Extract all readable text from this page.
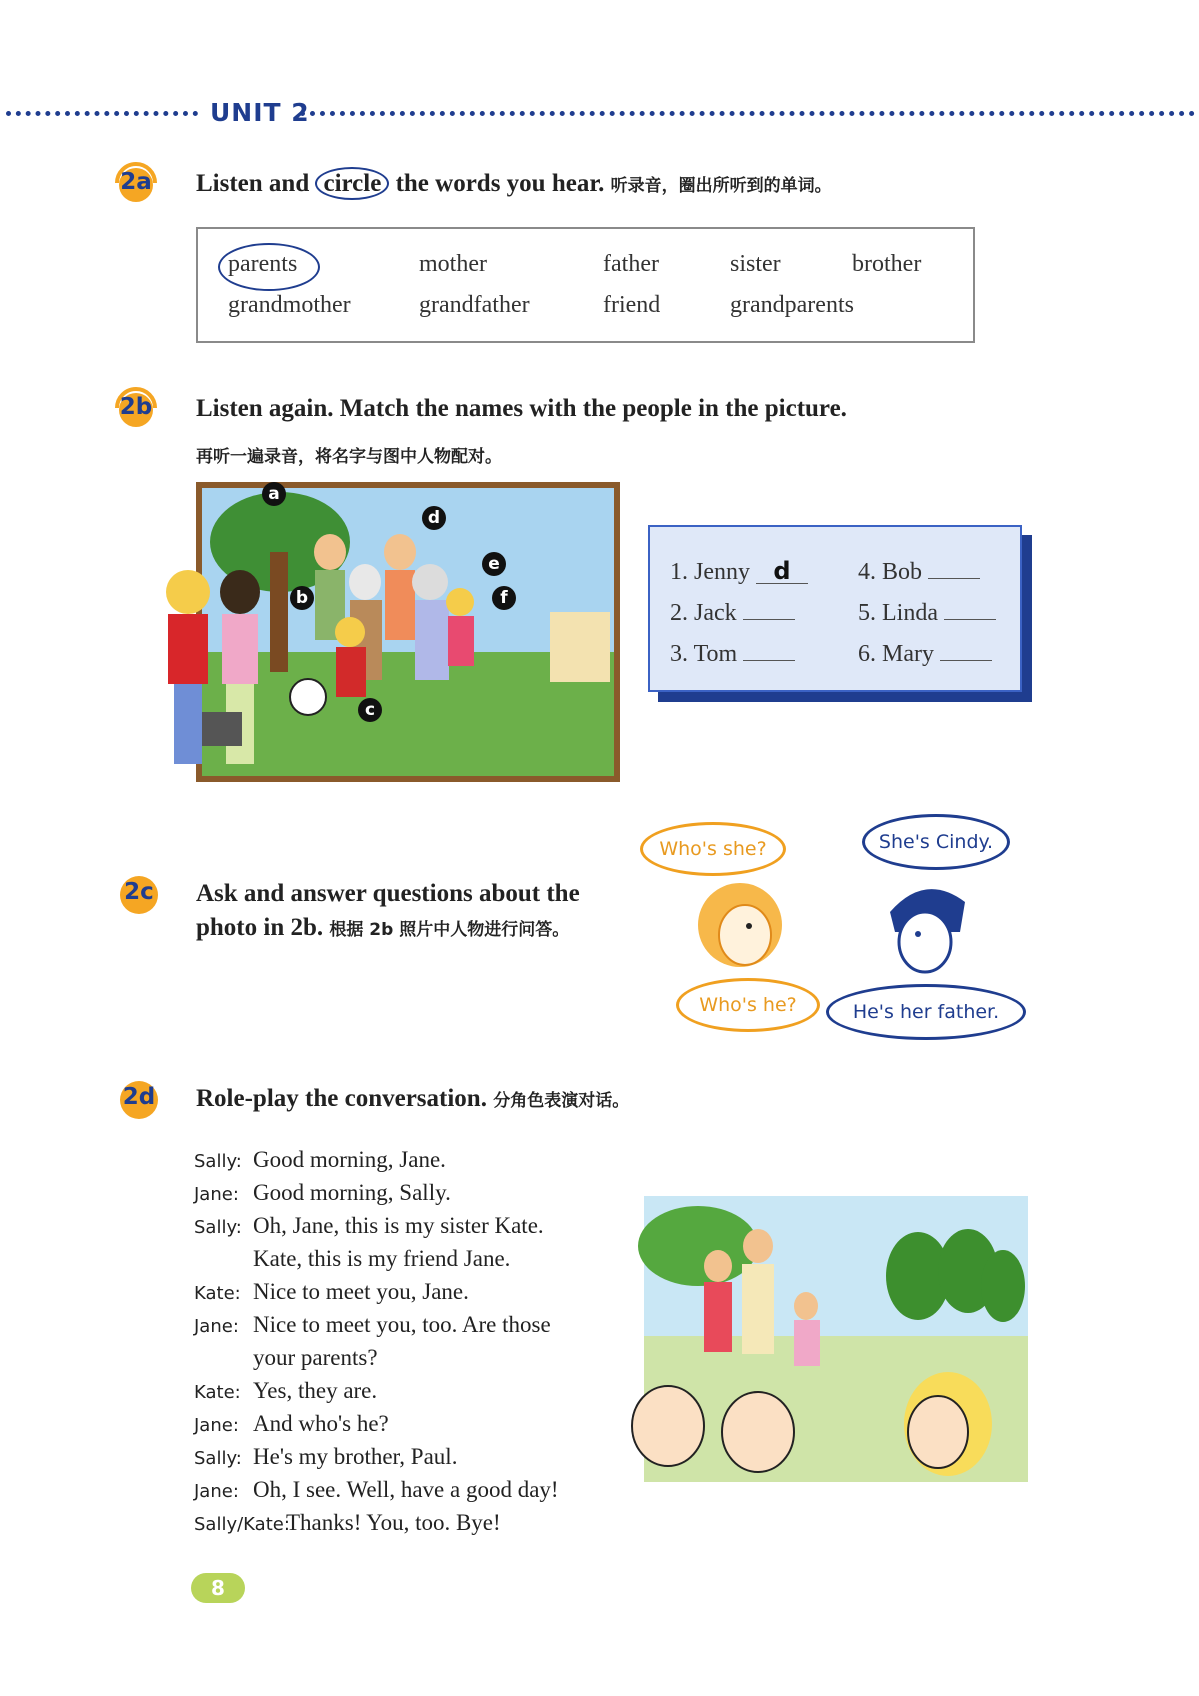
UNIT 2
2a Listen and circle the words you hear. 听录音，圈出所听到的单词。
parents	mother	father	sister	brother
grandmother	grandfather	friend	grandparents
2b Listen again. Match the names with the people in the picture.
再听一遍录音，将名字与图中人物配对。
a
b
c
d
e
f
1. Jenny d
2. Jack
3. Tom
4. Bob
5. Linda
6. Mary
2c Ask and answer questions about the
photo in 2b. 根据 2b 照片中人物进行问答。
Who's she?	She's Cindy.
Who's he?	He's her father.
2d Role-play the conversation. 分角色表演对话。
Sally: Good morning, Jane.
Jane: Good morning, Sally.
Sally: Oh, Jane, this is my sister Kate.
Kate, this is my friend Jane.
Kate: Nice to meet you, Jane.
Jane: Nice to meet you, too. Are those
your parents?
Kate: Yes, they are.
Jane: And who's he?
Sally: He's my brother, Paul.
Jane: Oh, I see. Well, have a good day!
Sally/Kate:Thanks! You, too. Bye!
8
